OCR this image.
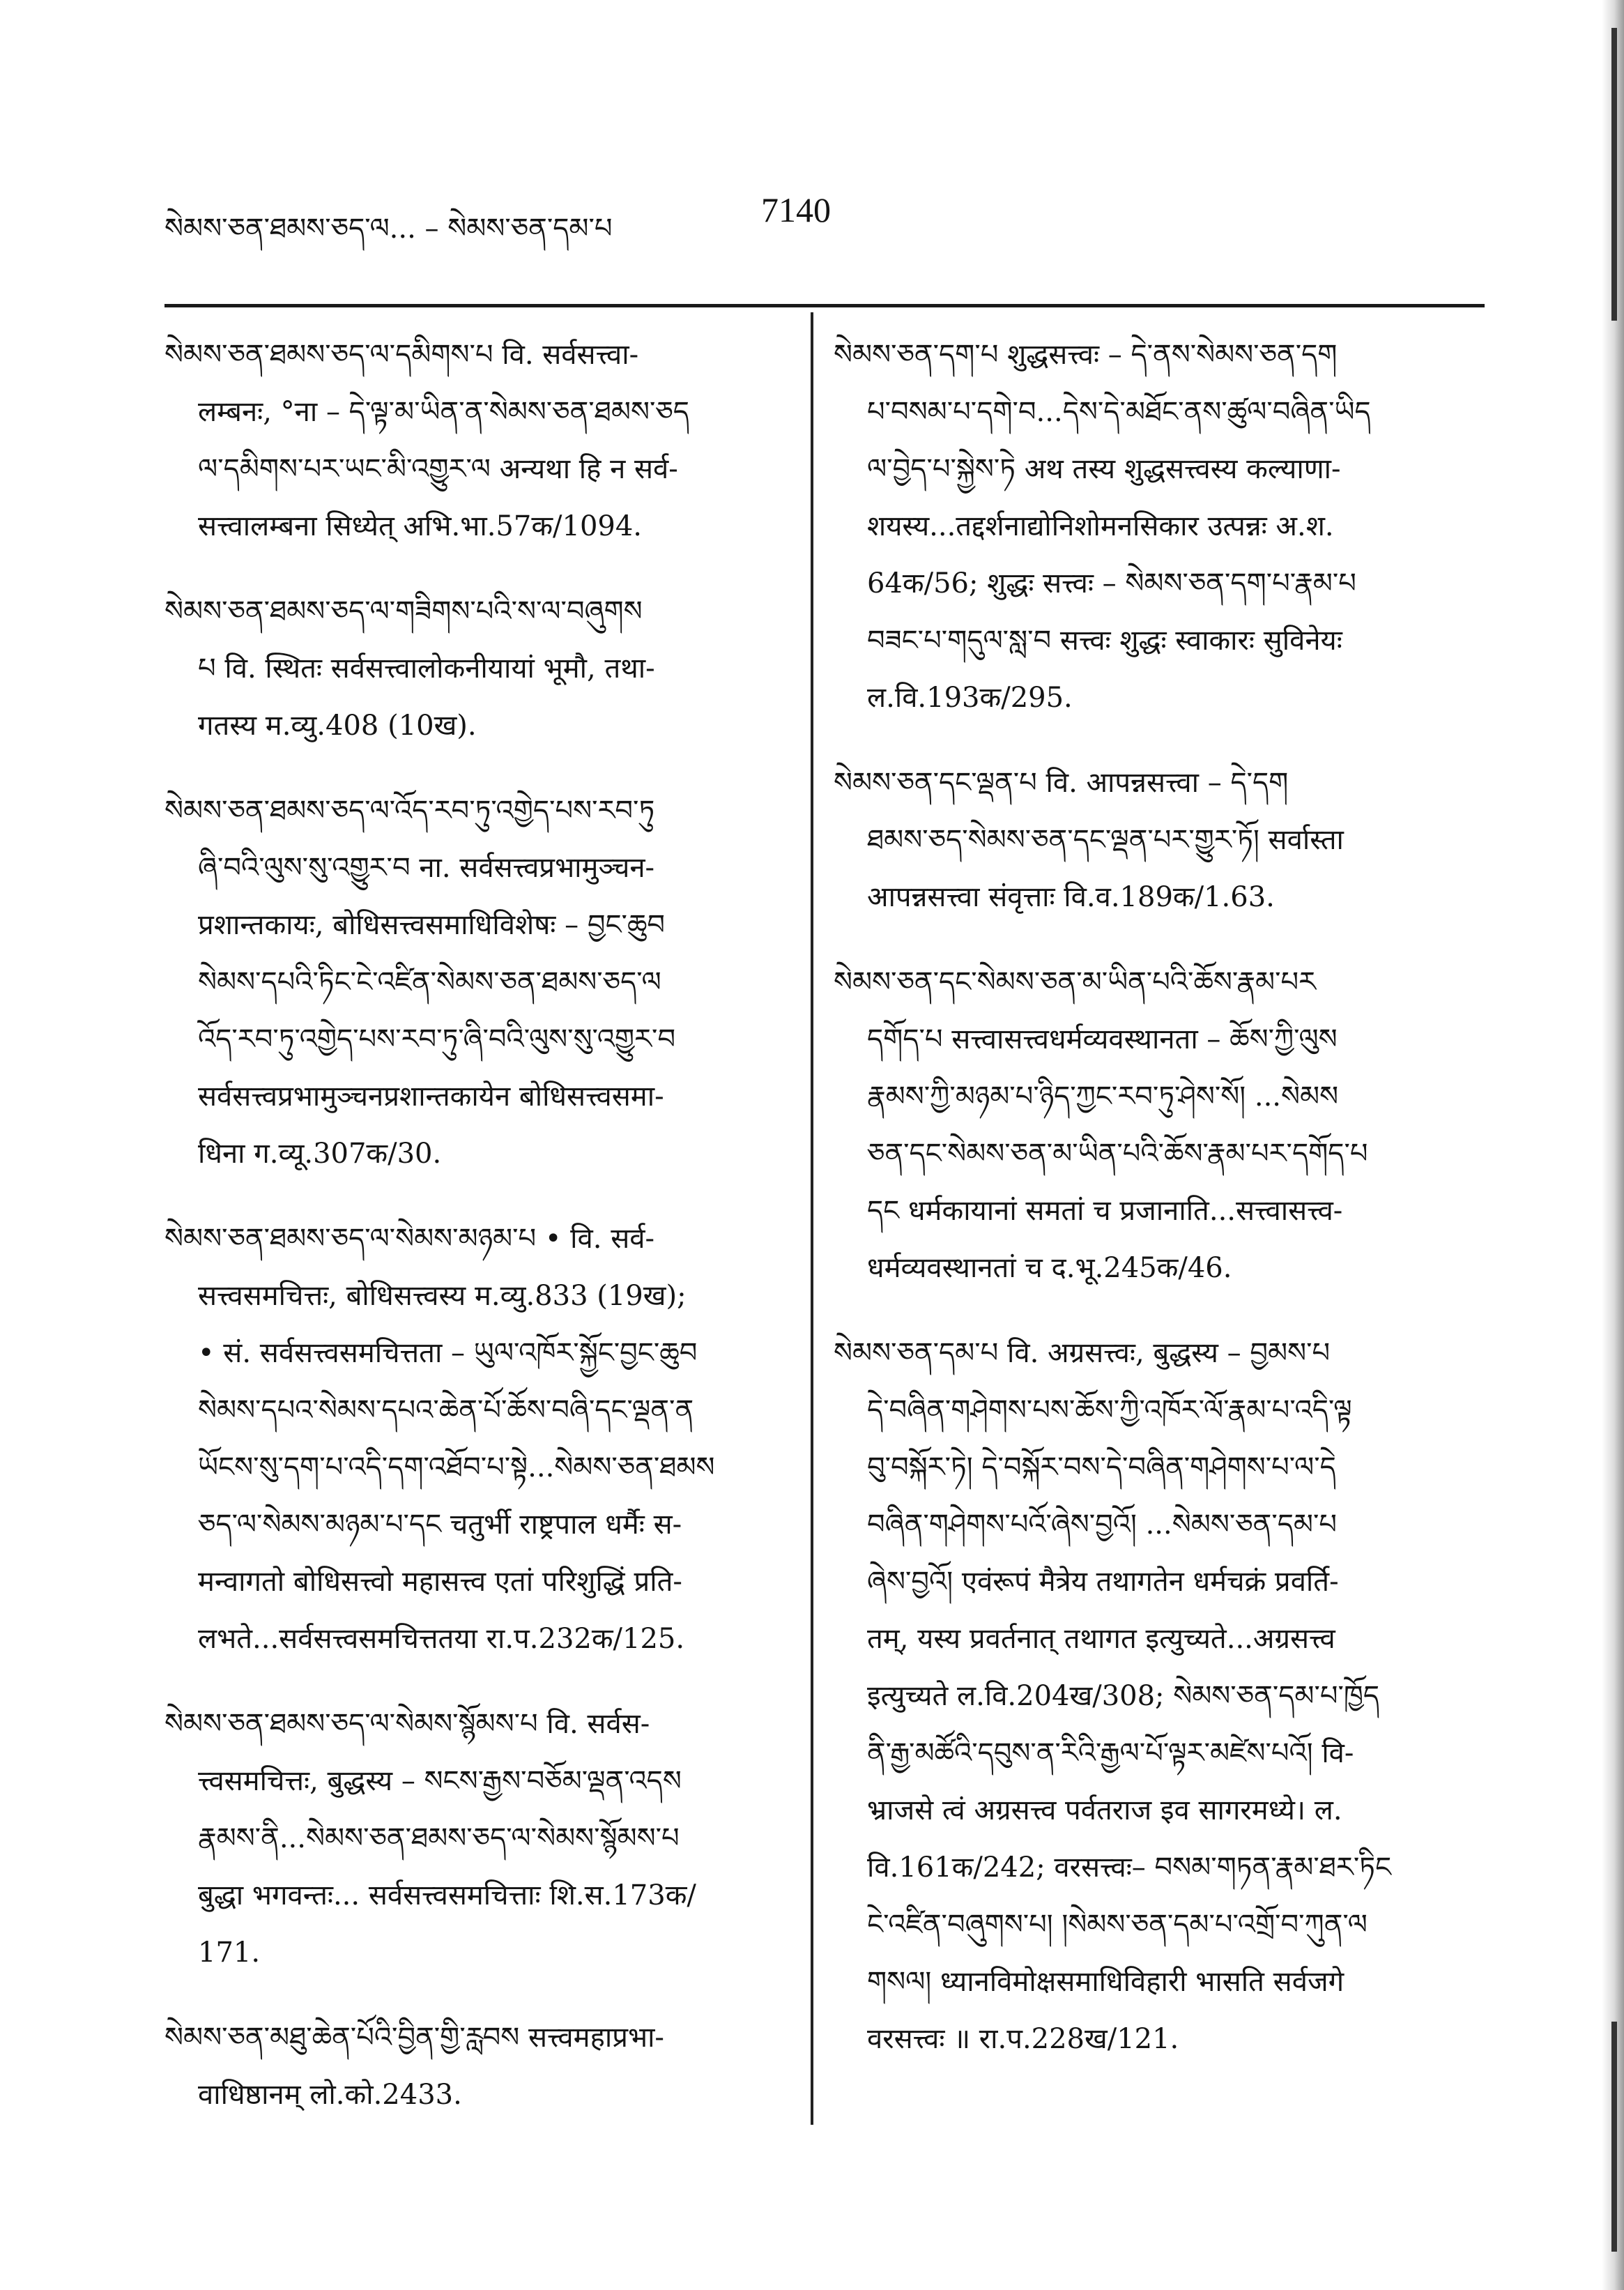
སེམས་ཅན་ཐམས་ཅད་ལ... – སེམས་ཅན་དམ་པ	7140
སེམས་ཅན་ཐམས་ཅད་ལ་དམིགས་པ वि. सर्वसत्त्वा-
लम्बनः, °ना – དེ་ལྟ་མ་ཡིན་ན་སེམས་ཅན་ཐམས་ཅད
ལ་དམིགས་པར་ཡང་མི་འགྱུར་ལ अन्यथा हि न सर्व-
सत्त्वालम्बना सिध्येत् अभि.भा.57क/1094.
སེམས་ཅན་ཐམས་ཅད་ལ་གཟིགས་པའི་ས་ལ་བཞུགས
པ वि. स्थितः सर्वसत्त्वालोकनीयायां भूमौ, तथा-
गतस्य म.व्यु.408 (10ख).
སེམས་ཅན་ཐམས་ཅད་ལ་འོད་རབ་ཏུ་འགྱེད་པས་རབ་ཏུ
ཞི་བའི་ལུས་སུ་འགྱུར་བ ना. सर्वसत्त्वप्रभामुञ्चन-
प्रशान्तकायः, बोधिसत्त्वसमाधिविशेषः – བྱང་ཆུབ
སེམས་དཔའི་ཏིང་ངེ་འཛིན་སེམས་ཅན་ཐམས་ཅད་ལ
འོད་རབ་ཏུ་འགྱེད་པས་རབ་ཏུ་ཞི་བའི་ལུས་སུ་འགྱུར་བ
सर्वसत्त्वप्रभामुञ्चनप्रशान्तकायेन बोधिसत्त्वसमा-
धिना ग.व्यू.307क/30.
སེམས་ཅན་ཐམས་ཅད་ལ་སེམས་མཉམ་པ • वि. सर्व-
सत्त्वसमचित्तः, बोधिसत्त्वस्य म.व्यु.833 (19ख);
• सं. सर्वसत्त्वसमचित्तता – ཡུལ་འཁོར་སྐྱོང་བྱང་ཆུབ
སེམས་དཔའ་སེམས་དཔའ་ཆེན་པོ་ཆོས་བཞི་དང་ལྡན་ན
ཡོངས་སུ་དག་པ་འདི་དག་འཐོབ་པ་སྟེ...སེམས་ཅན་ཐམས
ཅད་ལ་སེམས་མཉམ་པ་དང चतुर्भी राष्ट्रपाल धर्मैः स-
मन्वागतो बोधिसत्त्वो महासत्त्व एतां परिशुद्धिं प्रति-
लभते...सर्वसत्त्वसमचित्ततया रा.प.232क/125.
སེམས་ཅན་ཐམས་ཅད་ལ་སེམས་སྙོམས་པ वि. सर्वस-
त्त्वसमचित्तः, बुद्धस्य – སངས་རྒྱས་བཅོམ་ལྡན་འདས
རྣམས་ནི...སེམས་ཅན་ཐམས་ཅད་ལ་སེམས་སྙོམས་པ
बुद्धा भगवन्तः... सर्वसत्त्वसमचित्ताः शि.स.173क/
171.
སེམས་ཅན་མཐུ་ཆེན་པོའི་བྱིན་གྱི་རླབས सत्त्वमहाप्रभा-
वाधिष्ठानम् लो.को.2433.
སེམས་ཅན་དག་པ शुद्धसत्त्वः – དེ་ནས་སེམས་ཅན་དག
པ་བསམ་པ་དགེ་བ...དེས་དེ་མཐོང་ནས་ཚུལ་བཞིན་ཡིད
ལ་བྱེད་པ་སྐྱེས་ཏེ अथ तस्य शुद्धसत्त्वस्य कल्याणा-
शयस्य...तद्दर्शनाद्योनिशोमनसिकार उत्पन्नः अ.श.
64क/56; शुद्धः सत्त्वः – སེམས་ཅན་དག་པ་རྣམ་པ
བཟང་པ་གདུལ་སླ་བ सत्त्वः शुद्धः स्वाकारः सुविनेयः
ल.वि.193क/295.
སེམས་ཅན་དང་ལྡན་པ वि. आपन्नसत्त्वा – དེ་དག
ཐམས་ཅད་སེམས་ཅན་དང་ལྡན་པར་གྱུར་ཏོ། सर्वास्ता
आपन्नसत्त्वा संवृत्ताः वि.व.189क/1.63.
སེམས་ཅན་དང་སེམས་ཅན་མ་ཡིན་པའི་ཆོས་རྣམ་པར
དགོད་པ सत्त्वासत्त्वधर्मव्यवस्थानता – ཆོས་ཀྱི་ལུས
རྣམས་ཀྱི་མཉམ་པ་ཉིད་ཀྱང་རབ་ཏུ་ཤེས་སོ། ...སེམས
ཅན་དང་སེམས་ཅན་མ་ཡིན་པའི་ཆོས་རྣམ་པར་དགོད་པ
དང धर्मकायानां समतां च प्रजानाति...सत्त्वासत्त्व-
धर्मव्यवस्थानतां च द.भू.245क/46.
སེམས་ཅན་དམ་པ वि. अग्रसत्त्वः, बुद्धस्य – བྱམས་པ
དེ་བཞིན་གཤེགས་པས་ཆོས་ཀྱི་འཁོར་ལོ་རྣམ་པ་འདི་ལྟ
བུ་བསྐོར་ཏེ། དེ་བསྐོར་བས་དེ་བཞིན་གཤེགས་པ་ལ་དེ
བཞིན་གཤེགས་པའོ་ཞེས་བྱའོ། ...སེམས་ཅན་དམ་པ
ཞེས་བྱའོ། एवंरूपं मैत्रेय तथागतेन धर्मचक्रं प्रवर्ति-
तम्, यस्य प्रवर्तनात् तथागत इत्युच्यते...अग्रसत्त्व
इत्युच्यते ल.वि.204ख/308; སེམས་ཅན་དམ་པ་ཁྱོད
ནི་རྒྱ་མཚོའི་དབུས་ན་རིའི་རྒྱལ་པོ་ལྟར་མཛེས་པའོ། वि-
भ्राजसे त्वं अग्रसत्त्व पर्वतराज इव सागरमध्ये। ल.
वि.161क/242; वरसत्त्वः– བསམ་གཏན་རྣམ་ཐར་ཏིང
ངེ་འཛིན་བཞུགས་པ། །སེམས་ཅན་དམ་པ་འགྲོ་བ་ཀུན་ལ
གསལ། ध्यानविमोक्षसमाधिविहारी भासति सर्वजगे
वरसत्त्वः ॥ रा.प.228ख/121.
